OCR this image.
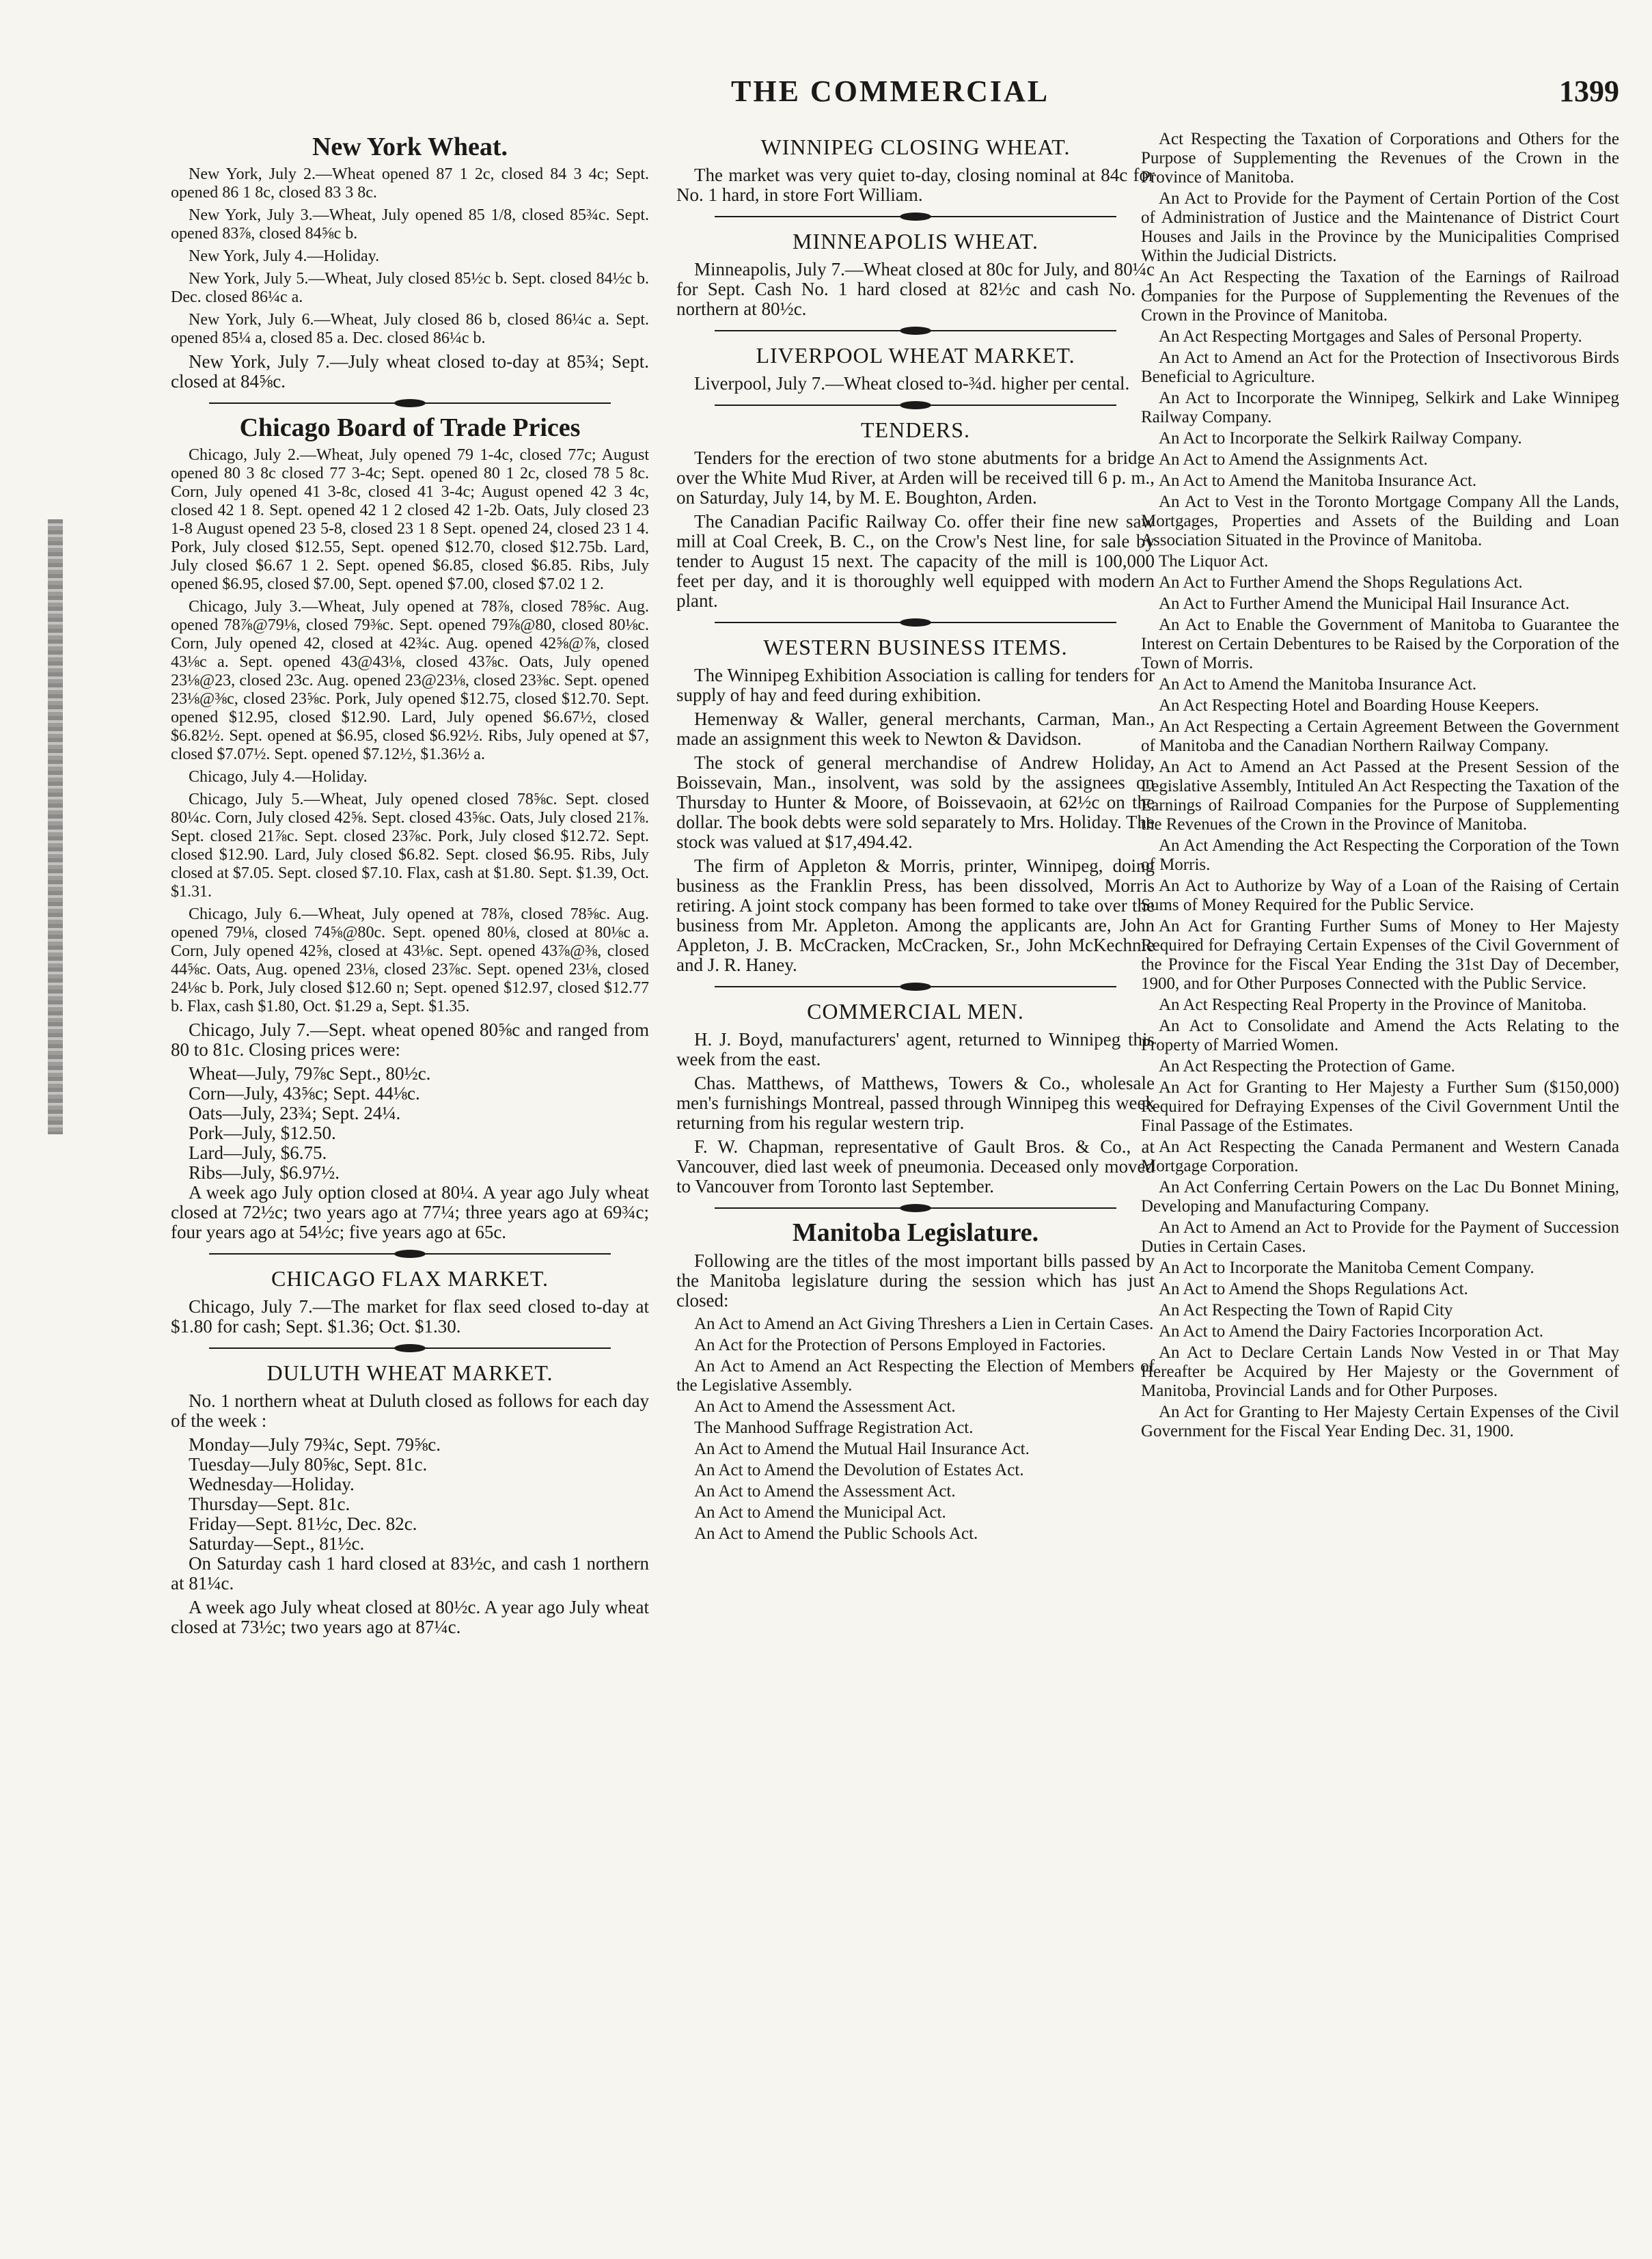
THE COMMERCIAL	1399
New York Wheat.

New York, July 2.—Wheat opened 87 1 2c, closed 84 3 4c; Sept. opened 86 1 8c, closed 83 3 8c.

New York, July 3.—Wheat, July opened 85 1/8, closed 85¾c. Sept. opened 83⅞, closed 84⅝c b.

New York, July 4.—Holiday.

New York, July 5.—Wheat, July closed 85½c b. Sept. closed 84½c b. Dec. closed 86¼c a.

New York, July 6.—Wheat, July closed 86 b, closed 86¼c a. Sept. opened 85¼ a, closed 85 a. Dec. closed 86¼c b.

New York, July 7.—July wheat closed to-day at 85¾; Sept. closed at 84⅝c.

Chicago Board of Trade Prices

Chicago, July 2.—Wheat, July opened 79 1-4c, closed 77c; August opened 80 3 8c closed 77 3-4c; Sept. opened 80 1 2c, closed 78 5 8c. Corn, July opened 41 3-8c, closed 41 3-4c; August opened 42 3 4c, closed 42 1 8. Sept. opened 42 1 2 closed 42 1-2b. Oats, July closed 23 1-8 August opened 23 5-8, closed 23 1 8 Sept. opened 24, closed 23 1 4. Pork, July closed $12.55, Sept. opened $12.70, closed $12.75b. Lard, July closed $6.67 1 2. Sept. opened $6.85, closed $6.85. Ribs, July opened $6.95, closed $7.00, Sept. opened $7.00, closed $7.02 1 2.

Chicago, July 3.—Wheat, July opened at 78⅞, closed 78⅝c. Aug. opened 78⅞@79⅛, closed 79⅜c. Sept. opened 79⅞@80, closed 80⅛c. Corn, July opened 42, closed at 42¾c. Aug. opened 42⅝@⅞, closed 43⅛c a. Sept. opened 43@43⅛, closed 43⅞c. Oats, July opened 23⅛@23, closed 23c. Aug. opened 23@23⅛, closed 23⅜c. Sept. opened 23⅛@⅜c, closed 23⅝c. Pork, July opened $12.75, closed $12.70. Sept. opened $12.95, closed $12.90. Lard, July opened $6.67½, closed $6.82½. Sept. opened at $6.95, closed $6.92½. Ribs, July opened at $7, closed $7.07½. Sept. opened $7.12½, $1.36½ a.

Chicago, July 4.—Holiday.

Chicago, July 5.—Wheat, July opened closed 78⅝c. Sept. closed 80¼c. Corn, July closed 42⅝. Sept. closed 43⅝c. Oats, July closed 21⅞. Sept. closed 21⅞c. Sept. closed 23⅞c. Pork, July closed $12.72. Sept. closed $12.90. Lard, July closed $6.82. Sept. closed $6.95. Ribs, July closed at $7.05. Sept. closed $7.10. Flax, cash at $1.80. Sept. $1.39, Oct. $1.31.

Chicago, July 6.—Wheat, July opened at 78⅞, closed 78⅝c. Aug. opened 79⅛, closed 74⅝@80c. Sept. opened 80⅛, closed at 80⅛c a. Corn, July opened 42⅝, closed at 43⅛c. Sept. opened 43⅞@⅜, closed 44⅝c. Oats, Aug. opened 23⅛, closed 23⅞c. Sept. opened 23⅛, closed 24⅛c b. Pork, July closed $12.60 n; Sept. opened $12.97, closed $12.77 b. Flax, cash $1.80, Oct. $1.29 a, Sept. $1.35.

Chicago, July 7.—Sept. wheat opened 80⅝c and ranged from 80 to 81c. Closing prices were:

Wheat—July, 79⅞c Sept., 80½c.
Corn—July, 43⅝c; Sept. 44⅛c.
Oats—July, 23¾; Sept. 24¼.
Pork—July, $12.50.
Lard—July, $6.75.
Ribs—July, $6.97½.

A week ago July option closed at 80¼. A year ago July wheat closed at 72½c; two years ago at 77¼; three years ago at 69¾c; four years ago at 54½c; five years ago at 65c.

CHICAGO FLAX MARKET.

Chicago, July 7.—The market for flax seed closed to-day at $1.80 for cash; Sept. $1.36; Oct. $1.30.

DULUTH WHEAT MARKET.

No. 1 northern wheat at Duluth closed as follows for each day of the week :

Monday—July 79¾c, Sept. 79⅝c.
Tuesday—July 80⅝c, Sept. 81c.
Wednesday—Holiday.
Thursday—Sept. 81c.
Friday—Sept. 81½c, Dec. 82c.
Saturday—Sept., 81½c.

On Saturday cash 1 hard closed at 83½c, and cash 1 northern at 81¼c.

A week ago July wheat closed at 80½c. A year ago July wheat closed at 73½c; two years ago at 87¼c.

WINNIPEG CLOSING WHEAT.

The market was very quiet to-day, closing nominal at 84c for No. 1 hard, in store Fort William.

MINNEAPOLIS WHEAT.

Minneapolis, July 7.—Wheat closed at 80c for July, and 80¼c for Sept. Cash No. 1 hard closed at 82½c and cash No. 1 northern at 80½c.

LIVERPOOL WHEAT MARKET.

Liverpool, July 7.—Wheat closed to-¾d. higher per cental.

TENDERS.

Tenders for the erection of two stone abutments for a bridge over the White Mud River, at Arden will be received till 6 p. m., on Saturday, July 14, by M. E. Boughton, Arden.

The Canadian Pacific Railway Co. offer their fine new saw mill at Coal Creek, B. C., on the Crow's Nest line, for sale by tender to August 15 next. The capacity of the mill is 100,000 feet per day, and it is thoroughly well equipped with modern plant.

WESTERN BUSINESS ITEMS.

The Winnipeg Exhibition Association is calling for tenders for supply of hay and feed during exhibition.

Hemenway & Waller, general merchants, Carman, Man., made an assignment this week to Newton & Davidson.

The stock of general merchandise of Andrew Holiday, Boissevain, Man., insolvent, was sold by the assignees on Thursday to Hunter & Moore, of Boissevaoin, at 62½c on the dollar. The book debts were sold separately to Mrs. Holiday. The stock was valued at $17,494.42.

The firm of Appleton & Morris, printer, Winnipeg, doing business as the Franklin Press, has been dissolved, Morris retiring. A joint stock company has been formed to take over the business from Mr. Appleton. Among the applicants are, John Appleton, J. B. McCracken, McCracken, Sr., John McKechnie and J. R. Haney.

COMMERCIAL MEN.

H. J. Boyd, manufacturers' agent, returned to Winnipeg this week from the east.

Chas. Matthews, of Matthews, Towers & Co., wholesale men's furnishings Montreal, passed through Winnipeg this week returning from his regular western trip.

F. W. Chapman, representative of Gault Bros. & Co., at Vancouver, died last week of pneumonia. Deceased only moved to Vancouver from Toronto last September.

Manitoba Legislature.

Following are the titles of the most important bills passed by the Manitoba legislature during the session which has just closed:

An Act to Amend an Act Giving Threshers a Lien in Certain Cases.

An Act for the Protection of Persons Employed in Factories.

An Act to Amend an Act Respecting the Election of Members of the Legislative Assembly.

An Act to Amend the Assessment Act.

The Manhood Suffrage Registration Act.

An Act to Amend the Mutual Hail Insurance Act.

An Act to Amend the Devolution of Estates Act.

An Act to Amend the Assessment Act.

An Act to Amend the Municipal Act.

An Act to Amend the Public Schools Act.

Act Respecting the Taxation of Corporations and Others for the Purpose of Supplementing the Revenues of the Crown in the Province of Manitoba.

An Act to Provide for the Payment of Certain Portion of the Cost of Administration of Justice and the Maintenance of District Court Houses and Jails in the Province by the Municipalities Comprised Within the Judicial Districts.

An Act Respecting the Taxation of the Earnings of Railroad Companies for the Purpose of Supplementing the Revenues of the Crown in the Province of Manitoba.

An Act Respecting Mortgages and Sales of Personal Property.

An Act to Amend an Act for the Protection of Insectivorous Birds Beneficial to Agriculture.

An Act to Incorporate the Winnipeg, Selkirk and Lake Winnipeg Railway Company.

An Act to Incorporate the Selkirk Railway Company.

An Act to Amend the Assignments Act.

An Act to Amend the Manitoba Insurance Act.

An Act to Vest in the Toronto Mortgage Company All the Lands, Mortgages, Properties and Assets of the Building and Loan Association Situated in the Province of Manitoba.

The Liquor Act.

An Act to Further Amend the Shops Regulations Act.

An Act to Further Amend the Municipal Hail Insurance Act.

An Act to Enable the Government of Manitoba to Guarantee the Interest on Certain Debentures to be Raised by the Corporation of the Town of Morris.

An Act to Amend the Manitoba Insurance Act.

An Act Respecting Hotel and Boarding House Keepers.

An Act Respecting a Certain Agreement Between the Government of Manitoba and the Canadian Northern Railway Company.

An Act to Amend an Act Passed at the Present Session of the Legislative Assembly, Intituled An Act Respecting the Taxation of the Earnings of Railroad Companies for the Purpose of Supplementing the Revenues of the Crown in the Province of Manitoba.

An Act Amending the Act Respecting the Corporation of the Town of Morris.

An Act to Authorize by Way of a Loan of the Raising of Certain Sums of Money Required for the Public Service.

An Act for Granting Further Sums of Money to Her Majesty Required for Defraying Certain Expenses of the Civil Government of the Province for the Fiscal Year Ending the 31st Day of December, 1900, and for Other Purposes Connected with the Public Service.

An Act Respecting Real Property in the Province of Manitoba.

An Act to Consolidate and Amend the Acts Relating to the Property of Married Women.

An Act Respecting the Protection of Game.

An Act for Granting to Her Majesty a Further Sum ($150,000) Required for Defraying Expenses of the Civil Government Until the Final Passage of the Estimates.

An Act Respecting the Canada Permanent and Western Canada Mortgage Corporation.

An Act Conferring Certain Powers on the Lac Du Bonnet Mining, Developing and Manufacturing Company.

An Act to Amend an Act to Provide for the Payment of Succession Duties in Certain Cases.

An Act to Incorporate the Manitoba Cement Company.

An Act to Amend the Shops Regulations Act.

An Act Respecting the Town of Rapid City

An Act to Amend the Dairy Factories Incorporation Act.

An Act to Declare Certain Lands Now Vested in or That May Hereafter be Acquired by Her Majesty or the Government of Manitoba, Provincial Lands and for Other Purposes.

An Act for Granting to Her Majesty Certain Expenses of the Civil Government for the Fiscal Year Ending Dec. 31, 1900.
